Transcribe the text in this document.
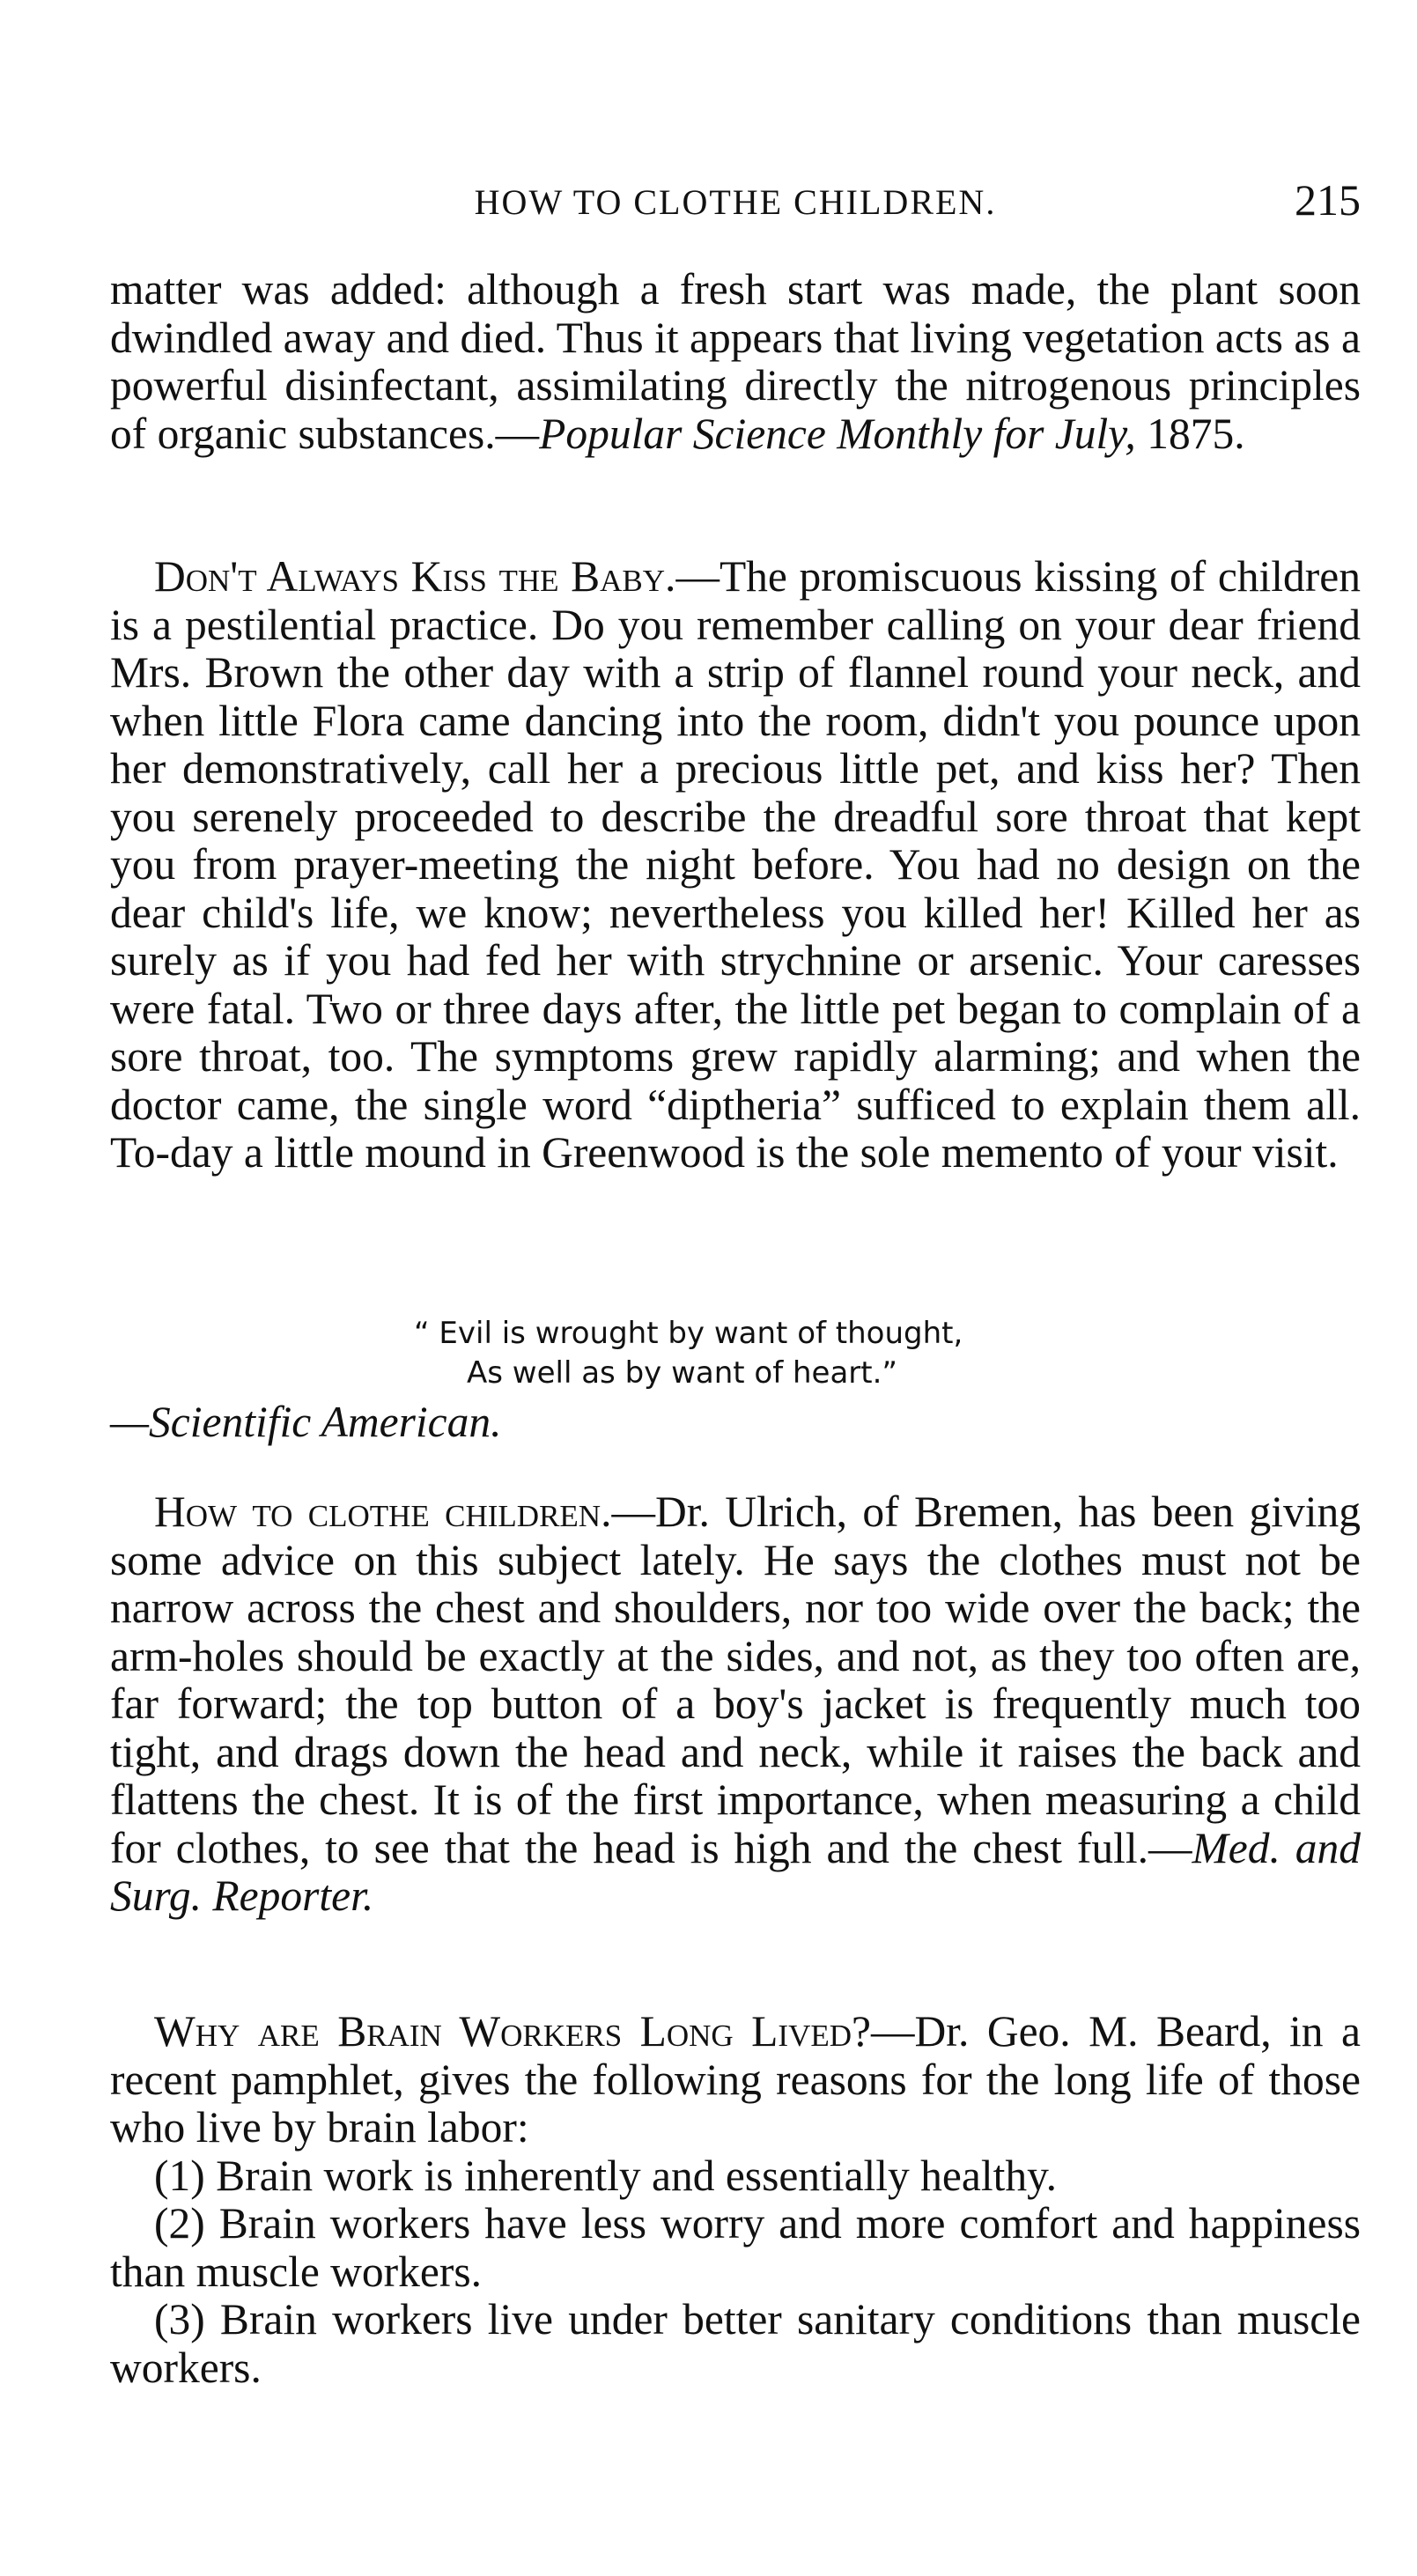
HOW TO CLOTHE CHILDREN.	215

matter was added: although a fresh start was made, the plant soon dwindled away and died. Thus it appears that living vegetation acts as a powerful disinfectant, assimilating directly the nitrogenous principles of organic substances.—Popular Science Monthly for July, 1875.

Don't Always Kiss the Baby.—The promiscuous kissing of children is a pestilential practice. Do you remember calling on your dear friend Mrs. Brown the other day with a strip of flannel round your neck, and when little Flora came dancing into the room, didn't you pounce upon her demonstratively, call her a precious little pet, and kiss her? Then you serenely proceeded to describe the dreadful sore throat that kept you from prayer-meeting the night before. You had no design on the dear child's life, we know; nevertheless you killed her! Killed her as surely as if you had fed her with strychnine or arsenic. Your caresses were fatal. Two or three days after, the little pet began to complain of a sore throat, too. The symptoms grew rapidly alarming; and when the doctor came, the single word “diptheria” sufficed to explain them all. To-day a little mound in Greenwood is the sole memento of your visit.

“ Evil is wrought by want of thought,
As well as by want of heart.”
—Scientific American.

How to clothe children.—Dr. Ulrich, of Bremen, has been giving some advice on this subject lately. He says the clothes must not be narrow across the chest and shoulders, nor too wide over the back; the arm-holes should be exactly at the sides, and not, as they too often are, far forward; the top button of a boy's jacket is frequently much too tight, and drags down the head and neck, while it raises the back and flattens the chest. It is of the first importance, when measuring a child for clothes, to see that the head is high and the chest full.—Med. and Surg. Reporter.

Why are Brain Workers Long Lived?—Dr. Geo. M. Beard, in a recent pamphlet, gives the following reasons for the long life of those who live by brain labor:

(1) Brain work is inherently and essentially healthy.

(2) Brain workers have less worry and more comfort and happiness than muscle workers.

(3) Brain workers live under better sanitary conditions than muscle workers.
